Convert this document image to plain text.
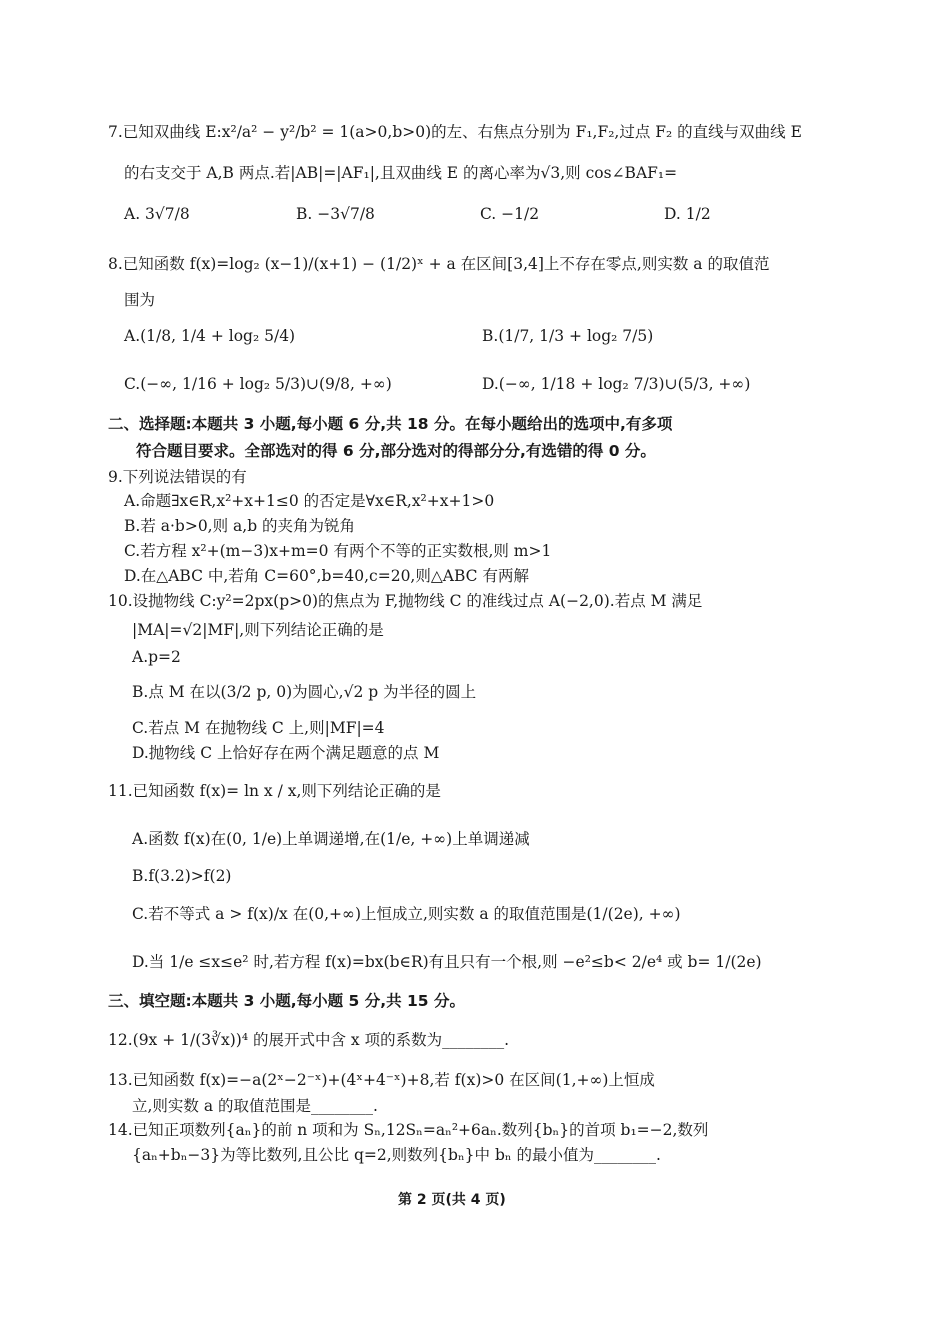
7.已知双曲线 E:x²/a² − y²/b² = 1(a>0,b>0)的左、右焦点分别为 F₁,F₂,过点 F₂ 的直线与双曲线 E
的右支交于 A,B 两点.若|AB|=|AF₁|,且双曲线 E 的离心率为√3,则 cos∠BAF₁=
A. 3√7/8	B. −3√7/8	C. −1/2	D. 1/2
8.已知函数 f(x)=log₂ (x−1)/(x+1) − (1/2)ˣ + a 在区间[3,4]上不存在零点,则实数 a 的取值范
围为
A.(1/8, 1/4 + log₂ 5/4)	B.(1/7, 1/3 + log₂ 7/5)
C.(−∞, 1/16 + log₂ 5/3)∪(9/8, +∞)	D.(−∞, 1/18 + log₂ 7/3)∪(5/3, +∞)
二、选择题:本题共 3 小题,每小题 6 分,共 18 分。在每小题给出的选项中,有多项
符合题目要求。全部选对的得 6 分,部分选对的得部分分,有选错的得 0 分。
9.下列说法错误的有
A.命题∃x∈R,x²+x+1≤0 的否定是∀x∈R,x²+x+1>0
B.若 a·b>0,则 a,b 的夹角为锐角
C.若方程 x²+(m−3)x+m=0 有两个不等的正实数根,则 m>1
D.在△ABC 中,若角 C=60°,b=40,c=20,则△ABC 有两解
10.设抛物线 C:y²=2px(p>0)的焦点为 F,抛物线 C 的准线过点 A(−2,0).若点 M 满足
|MA|=√2|MF|,则下列结论正确的是
A.p=2
B.点 M 在以(3/2 p, 0)为圆心,√2 p 为半径的圆上
C.若点 M 在抛物线 C 上,则|MF|=4
D.抛物线 C 上恰好存在两个满足题意的点 M
11.已知函数 f(x)= ln x / x,则下列结论正确的是
A.函数 f(x)在(0, 1/e)上单调递增,在(1/e, +∞)上单调递减
B.f(3.2)>f(2)
C.若不等式 a > f(x)/x 在(0,+∞)上恒成立,则实数 a 的取值范围是(1/(2e), +∞)
D.当 1/e ≤x≤e² 时,若方程 f(x)=bx(b∈R)有且只有一个根,则 −e²≤b< 2/e⁴ 或 b= 1/(2e)
三、填空题:本题共 3 小题,每小题 5 分,共 15 分。
12.(9x + 1/(3∛x))⁴ 的展开式中含 x 项的系数为________.
13.已知函数 f(x)=−a(2ˣ−2⁻ˣ)+(4ˣ+4⁻ˣ)+8,若 f(x)>0 在区间(1,+∞)上恒成
立,则实数 a 的取值范围是________.
14.已知正项数列{aₙ}的前 n 项和为 Sₙ,12Sₙ=aₙ²+6aₙ.数列{bₙ}的首项 b₁=−2,数列
{aₙ+bₙ−3}为等比数列,且公比 q=2,则数列{bₙ}中 bₙ 的最小值为________.
第 2 页(共 4 页)
